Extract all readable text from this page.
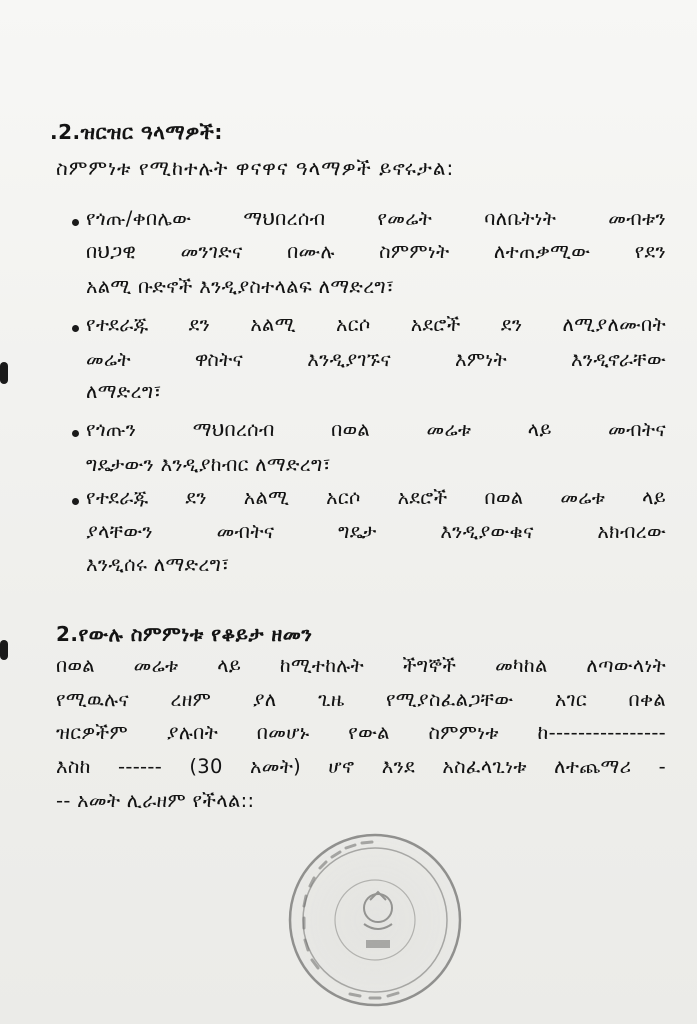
.2.ዝርዝር ዓላማዎች:
ስምምነቱ የሚከተሉት ዋናዋና ዓላማዎች ይኖሩታል:
የጎጡ/ቀበሌው ማህበረሰብ የመሬት ባለቤትነት መብቱን
በህጋዊ መንገድና በሙሉ ስምምነት ለተጠቃሚው የደን
አልሚ ቡድኖች እንዲያስተላልፍ ለማድረግ፣
የተደራጁ ደን አልሚ አርሶ አደሮች ደን ለሚያለሙበት
መሬት ዋስትና እንዲያገኙና እምነት እንዲኖራቸው
ለማድረግ፣
የጎጡን ማህበረሰብ በወል መሬቱ ላይ መብትና
ግዴታውን እንዲያከብር ለማድረግ፣
የተደራጁ ደን አልሚ አርሶ አደሮች በወል መሬቱ ላይ
ያላቸውን መብትና ግዴታ እንዲያውቁና አክብረው
እንዲሰሩ ለማድረግ፣
2.የውሉ ስምምነቱ የቆይታ ዘመን
በወል መሬቱ ላይ ከሚተከሉት ችግኞች መካከል ለጣውላነት
የሚዉሉና ረዘም ያለ ጊዜ የሚያስፈልጋቸው አገር በቀል
ዝርዎችም ያሉበት በመሆኑ የውል ስምምነቱ ከ----------------
እስከ ------ (30 አመት) ሆኖ እንደ አስፈላጊነቱ ለተጨማሪ -
-- አመት ሊራዘም የችላል::
